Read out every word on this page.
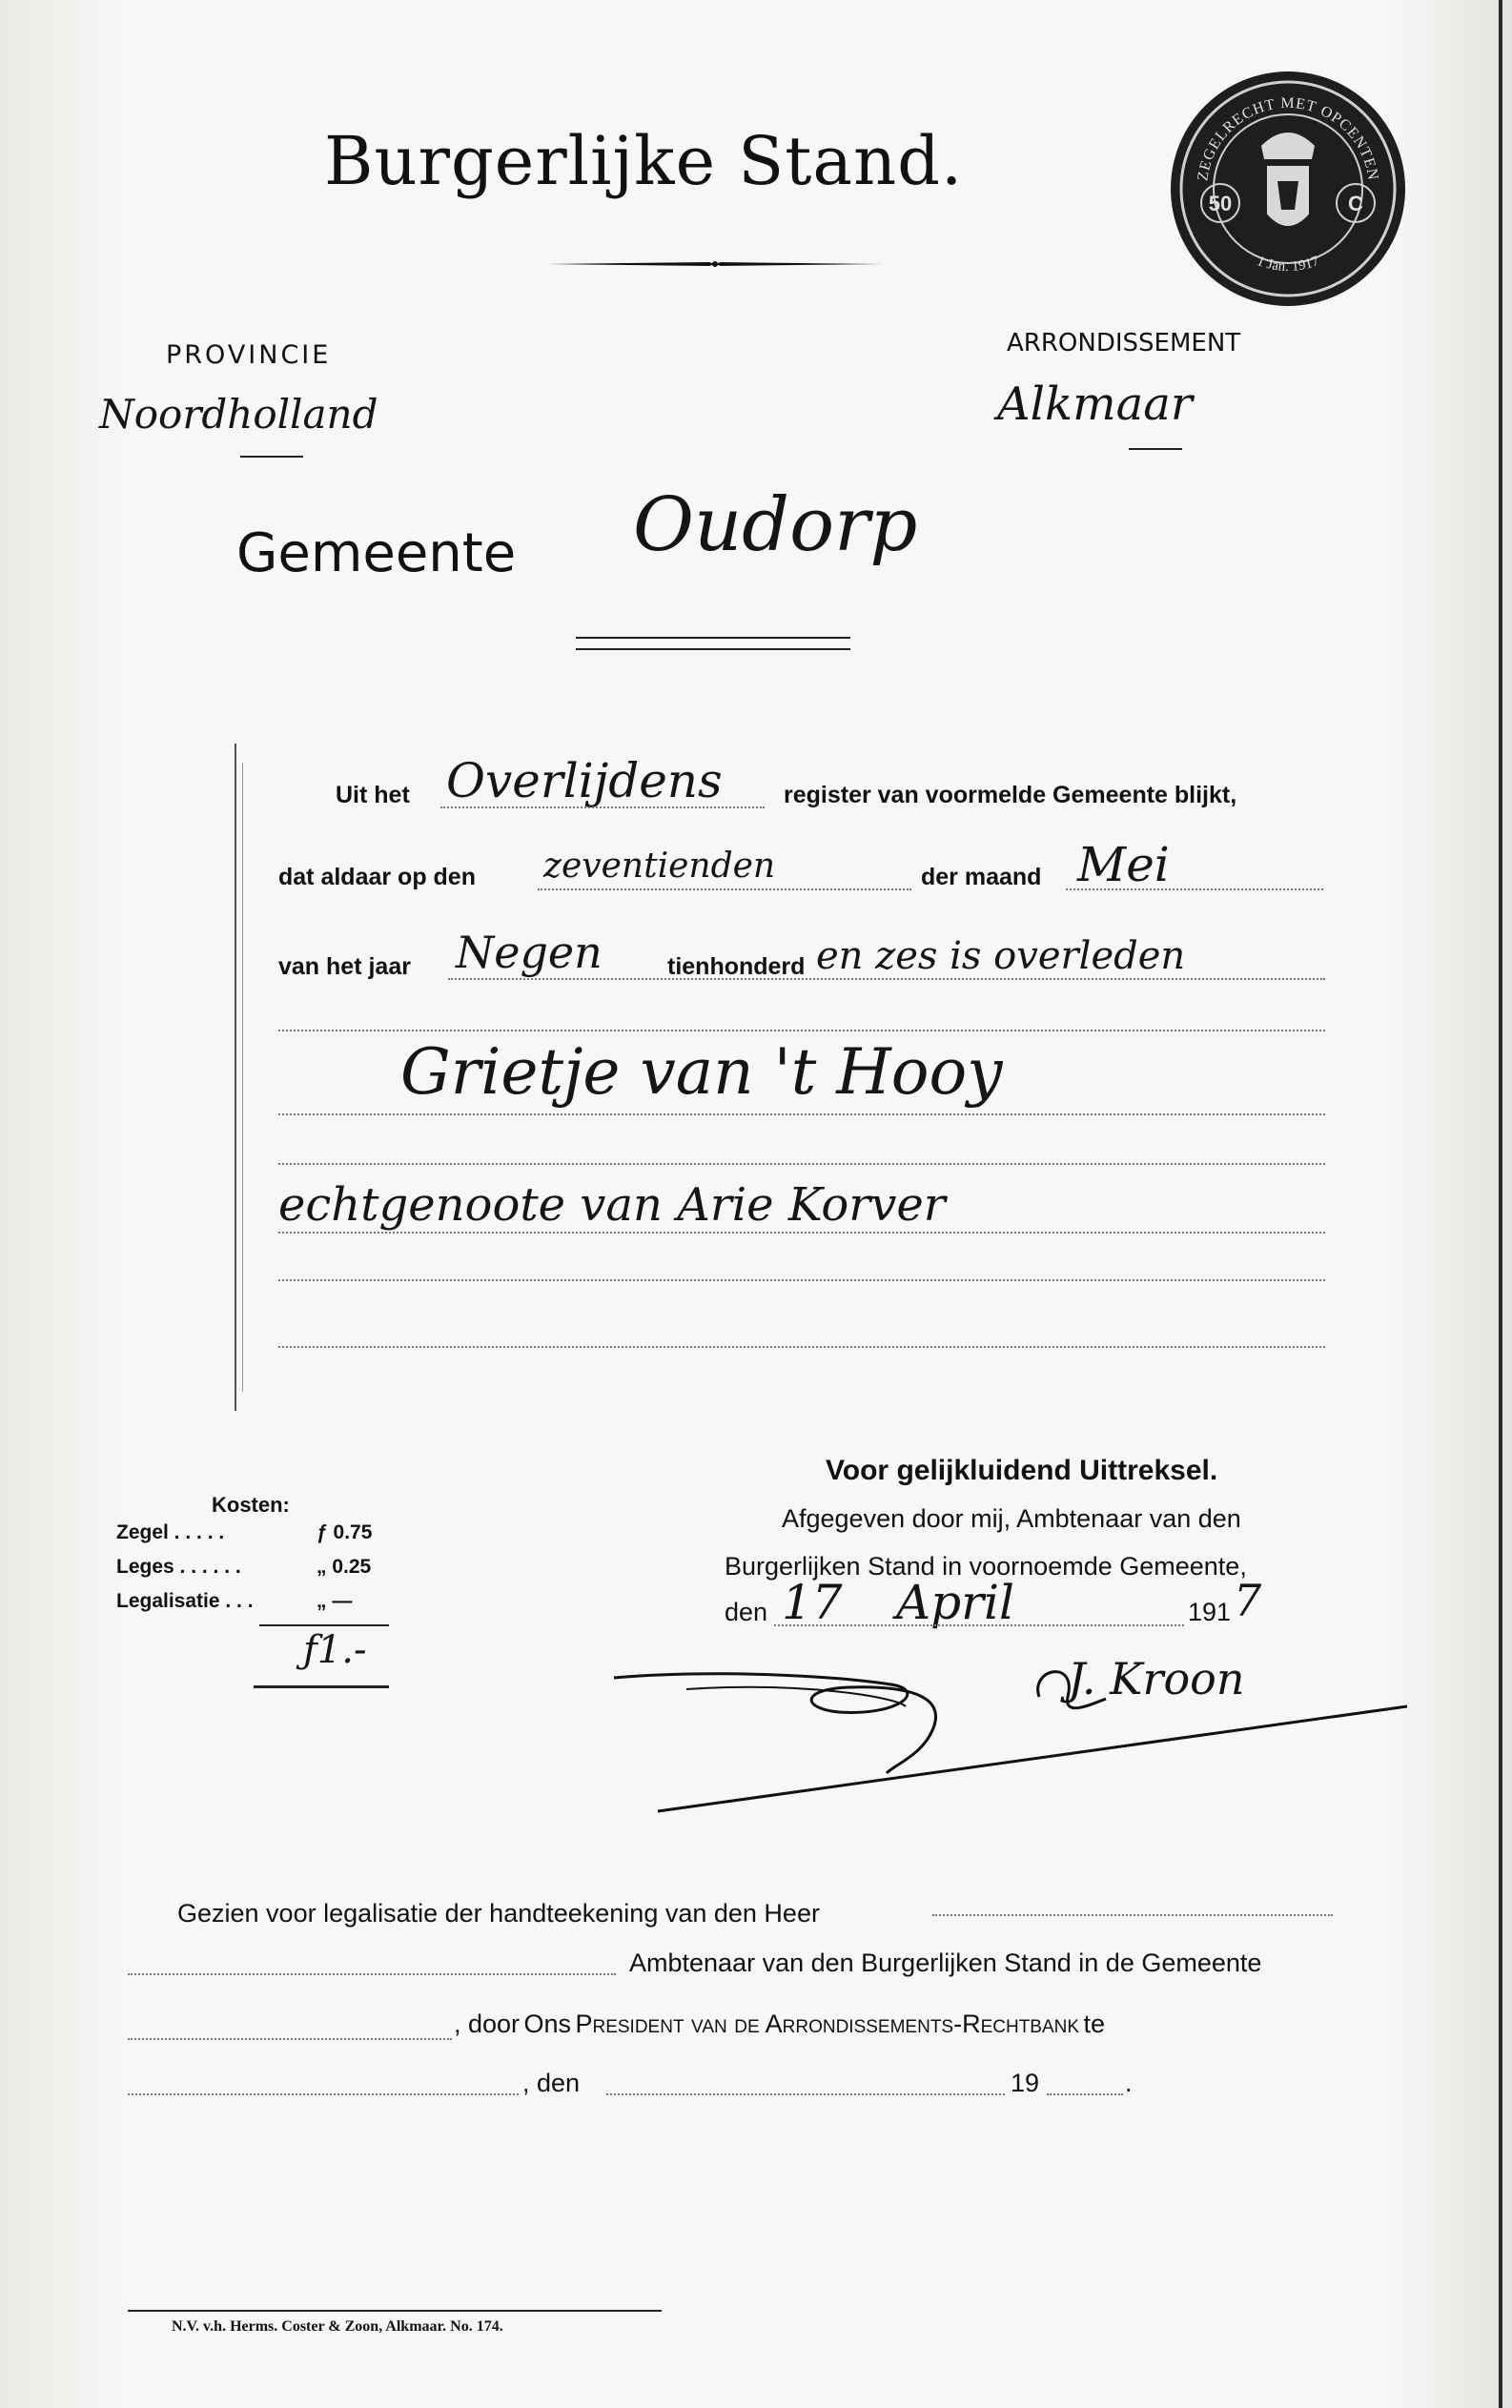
Burgerlijke Stand.
50	C
ZEGELRECHT MET OPCENTEN
1 Jan. 1917
PROVINCIE
Noordholland
ARRONDISSEMENT
Alkmaar
Gemeente Oudorp
Uit het Overlijdens	register van voormelde Gemeente blijkt,
dat aldaar op den zeventienden	der maand Mei
van het jaar Negen	tienhonderd en zes is overleden
Grietje van 't Hooy
echtgenoote van Arie Korver
Kosten:
Zegel . . . . .	ƒ 0.75
Leges . . . . . .	„ 0.25
Legalisatie . . .	„ —
ƒ1.-
Voor gelijkluidend Uittreksel.
Afgegeven door mij, Ambtenaar van den
Burgerlijken Stand in voornoemde Gemeente,
den 17 April	191 7
J. Kroon
Gezien voor legalisatie der handteekening van den Heer
Ambtenaar van den Burgerlijken Stand in de Gemeente
, door Ons President van de Arrondissements-Rechtbank te
, den	19	.
N.V. v.h. Herms. Coster & Zoon, Alkmaar. No. 174.
